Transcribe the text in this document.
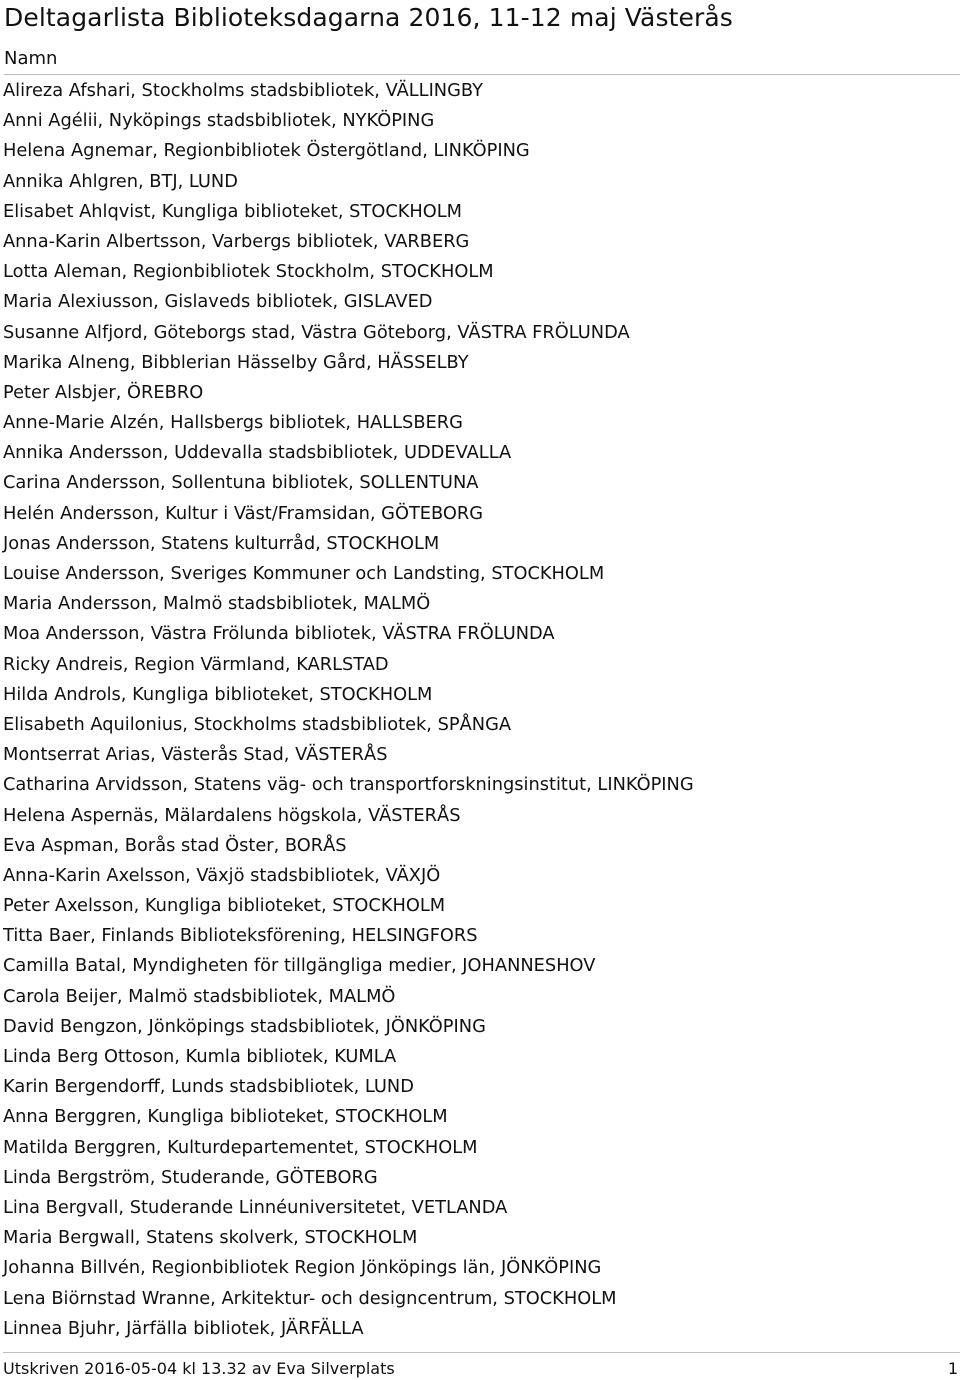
Deltagarlista Biblioteksdagarna 2016, 11-12 maj Västerås
Namn
Alireza Afshari, Stockholms stadsbibliotek, VÄLLINGBY
Anni Agélii, Nyköpings stadsbibliotek, NYKÖPING
Helena Agnemar, Regionbibliotek Östergötland, LINKÖPING
Annika Ahlgren, BTJ, LUND
Elisabet Ahlqvist, Kungliga biblioteket, STOCKHOLM
Anna-Karin Albertsson, Varbergs bibliotek, VARBERG
Lotta Aleman, Regionbibliotek Stockholm, STOCKHOLM
Maria Alexiusson, Gislaveds bibliotek, GISLAVED
Susanne Alfjord, Göteborgs stad, Västra Göteborg, VÄSTRA FRÖLUNDA
Marika Alneng, Bibblerian Hässelby Gård, HÄSSELBY
Peter Alsbjer, ÖREBRO
Anne-Marie Alzén, Hallsbergs bibliotek, HALLSBERG
Annika Andersson, Uddevalla stadsbibliotek, UDDEVALLA
Carina Andersson, Sollentuna bibliotek, SOLLENTUNA
Helén Andersson, Kultur i Väst/Framsidan, GÖTEBORG
Jonas Andersson, Statens kulturråd, STOCKHOLM
Louise Andersson, Sveriges Kommuner och Landsting, STOCKHOLM
Maria Andersson, Malmö stadsbibliotek, MALMÖ
Moa Andersson, Västra Frölunda bibliotek, VÄSTRA FRÖLUNDA
Ricky Andreis, Region Värmland, KARLSTAD
Hilda Androls, Kungliga biblioteket, STOCKHOLM
Elisabeth Aquilonius, Stockholms stadsbibliotek, SPÅNGA
Montserrat Arias, Västerås Stad, VÄSTERÅS
Catharina Arvidsson, Statens väg- och transportforskningsinstitut, LINKÖPING
Helena Aspernäs, Mälardalens högskola, VÄSTERÅS
Eva Aspman, Borås stad Öster, BORÅS
Anna-Karin Axelsson, Växjö stadsbibliotek, VÄXJÖ
Peter Axelsson, Kungliga biblioteket, STOCKHOLM
Titta Baer, Finlands Biblioteksförening, HELSINGFORS
Camilla Batal, Myndigheten för tillgängliga medier, JOHANNESHOV
Carola Beijer, Malmö stadsbibliotek, MALMÖ
David Bengzon, Jönköpings stadsbibliotek, JÖNKÖPING
Linda Berg Ottoson, Kumla bibliotek, KUMLA
Karin Bergendorff, Lunds stadsbibliotek, LUND
Anna Berggren, Kungliga biblioteket, STOCKHOLM
Matilda Berggren, Kulturdepartementet, STOCKHOLM
Linda Bergström, Studerande, GÖTEBORG
Lina Bergvall, Studerande Linnéuniversitetet, VETLANDA
Maria Bergwall, Statens skolverk, STOCKHOLM
Johanna Billvén, Regionbibliotek Region Jönköpings län, JÖNKÖPING
Lena Biörnstad Wranne, Arkitektur- och designcentrum, STOCKHOLM
Linnea Bjuhr, Järfälla bibliotek, JÄRFÄLLA
Utskriven 2016-05-04 kl 13.32 av Eva Silverplats	1
